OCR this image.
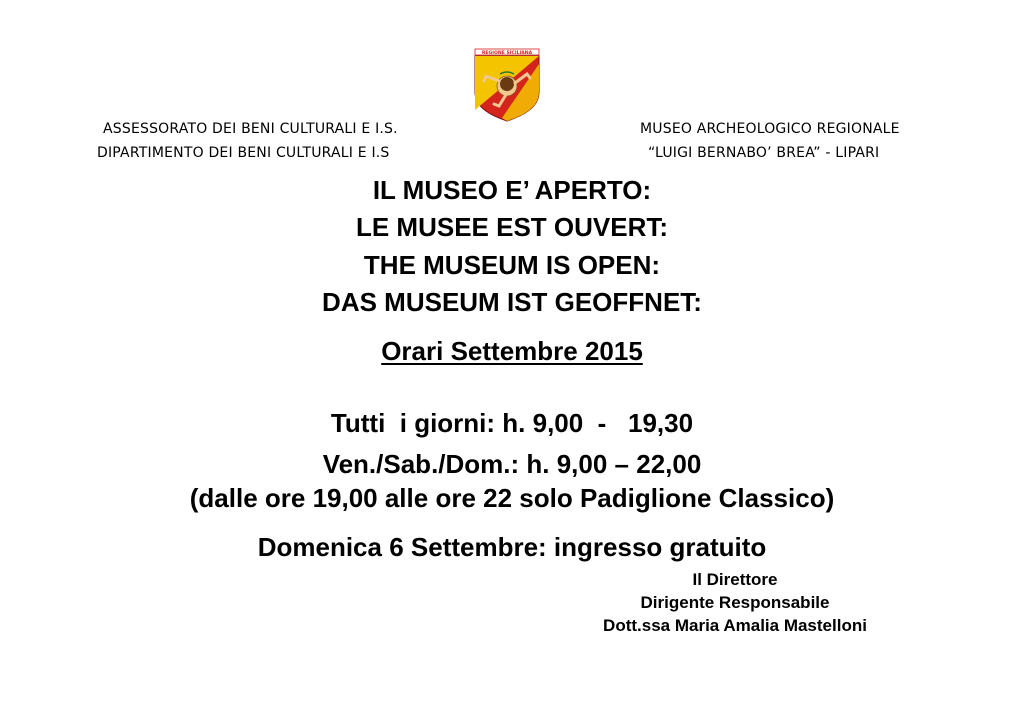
REGIONE SICILIANA
ASSESSORATO DEI BENI CULTURALI E I.S.
DIPARTIMENTO DEI BENI CULTURALI E I.S
MUSEO ARCHEOLOGICO REGIONALE
“LUIGI BERNABO’ BREA” - LIPARI
IL MUSEO E’ APERTO:
LE MUSEE EST OUVERT:
THE MUSEUM IS OPEN:
DAS MUSEUM IST GEOFFNET:
Orari Settembre 2015
Tutti  i giorni: h. 9,00  -   19,30
Ven./Sab./Dom.: h. 9,00 – 22,00
(dalle ore 19,00 alle ore 22 solo Padiglione Classico)
Domenica 6 Settembre: ingresso gratuito
Il Direttore
Dirigente Responsabile
Dott.ssa Maria Amalia Mastelloni
